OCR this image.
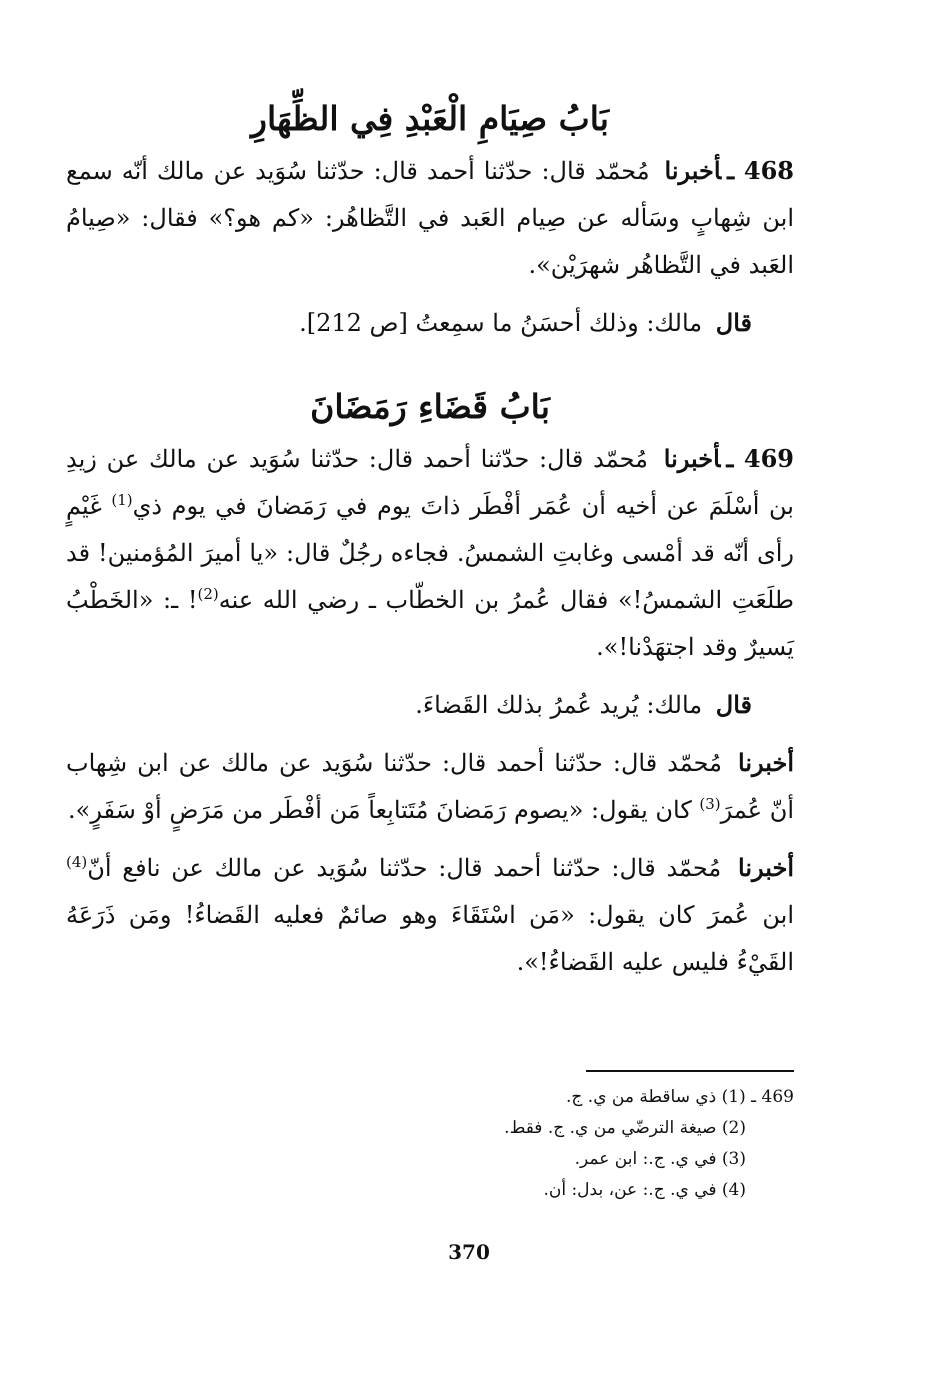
بَابُ صِيَامِ الْعَبْدِ فِي الظِّهَارِ

468 ـأخبرنا مُحمّد قال: حدّثنا أحمد قال: حدّثنا سُوَيد عن مالك أنّه سمع ابن شِهابٍ وسَأله عن صِيام العَبد في التَّظاهُر: «كم هو؟» فقال: «صِيامُ العَبد في التَّظاهُر شهرَيْن».

قال مالك: وذلك أحسَنُ ما سمِعتُ [ص 212].

بَابُ قَضَاءِ رَمَضَانَ

469 ـأخبرنا مُحمّد قال: حدّثنا أحمد قال: حدّثنا سُوَيد عن مالك عن زيدِ بن أسْلَمَ عن أخيه أن عُمَر أفْطَر ذاتَ يوم في رَمَضانَ في يوم ذي$^{(1)}$ غَيْمٍ رأى أنّه قد أمْسى وغابتِ الشمسُ. فجاءه رجُلٌ قال: «يا أميرَ المُؤمنين! قد طلَعَتِ الشمسُ!» فقال عُمرُ بن الخطّاب ـ رضي الله عنه$^{(2)}$! ـ: «الخَطْبُ يَسيرٌ وقد اجتهَدْنا!».

قال مالك: يُريد عُمرُ بذلك القَضاءَ.

أخبرنا مُحمّد قال: حدّثنا أحمد قال: حدّثنا سُوَيد عن مالك عن ابن شِهاب أنّ عُمرَ$^{(3)}$ كان يقول: «يصوم رَمَضانَ مُتَتابِعاً مَن أفْطَر من مَرَضٍ أوْ سَفَرٍ».

أخبرنا مُحمّد قال: حدّثنا أحمد قال: حدّثنا سُوَيد عن مالك عن نافع أنّ$^{(4)}$ ابن عُمرَ كان يقول: «مَن اسْتَقَاءَ وهو صائمٌ فعليه القَضاءُ! ومَن ذَرَعَهُ القَيْءُ فليس عليه القَضاءُ!».

469 ـ (1) ذي ساقطة من ي. ج.

(2) صيغة الترضّي من ي. ج. فقط.

(3) في ي. ج.: ابن عمر.

(4) في ي. ج.: عن، بدل: أن.

370
